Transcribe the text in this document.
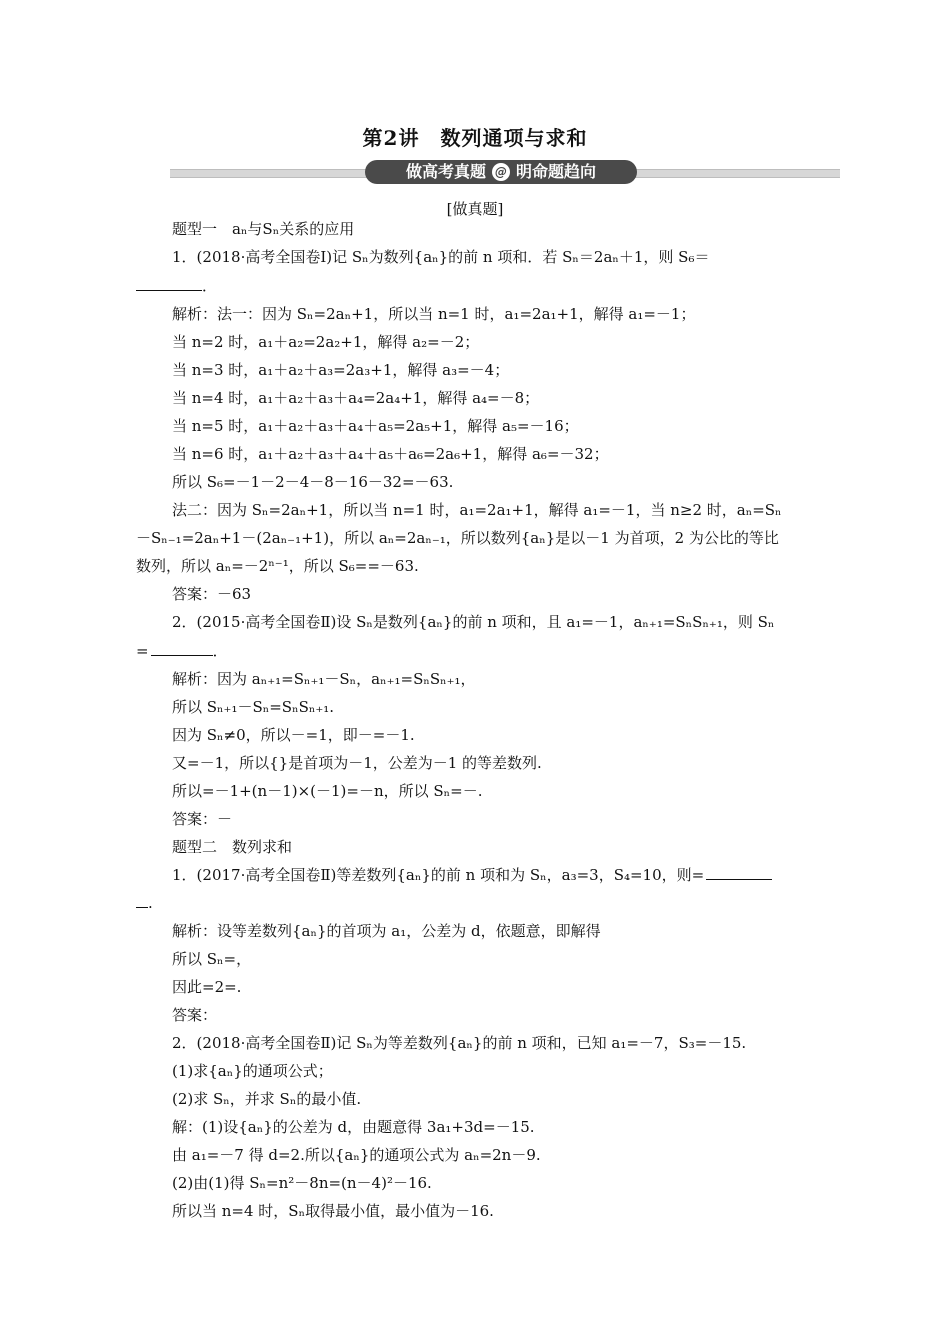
第2讲　数列通项与求和
做高考真题 @ 明命题趋向
[做真题]
题型一　aₙ与Sₙ关系的应用
1．(2018·高考全国卷Ⅰ)记 Sₙ为数列{aₙ}的前 n 项和．若 Sₙ＝2aₙ＋1，则 S₆＝
．
解析：法一：因为 Sₙ=2aₙ+1，所以当 n=1 时，a₁=2a₁+1，解得 a₁=－1；
当 n=2 时，a₁＋a₂=2a₂+1，解得 a₂=－2；
当 n=3 时，a₁＋a₂＋a₃=2a₃+1，解得 a₃=－4；
当 n=4 时，a₁＋a₂＋a₃＋a₄=2a₄+1，解得 a₄=－8；
当 n=5 时，a₁＋a₂＋a₃＋a₄＋a₅=2a₅+1，解得 a₅=－16；
当 n=6 时，a₁＋a₂＋a₃＋a₄＋a₅＋a₆=2a₆+1，解得 a₆=－32；
所以 S₆=－1－2－4－8－16－32=－63.
法二：因为 Sₙ=2aₙ+1，所以当 n=1 时，a₁=2a₁+1，解得 a₁=－1，当 n≥2 时，aₙ=Sₙ
－Sₙ₋₁=2aₙ+1－(2aₙ₋₁+1)，所以 aₙ=2aₙ₋₁，所以数列{aₙ}是以－1 为首项，2 为公比的等比
数列，所以 aₙ=－2ⁿ⁻¹，所以 S₆==－63.
答案：－63
2．(2015·高考全国卷Ⅱ)设 Sₙ是数列{aₙ}的前 n 项和，且 a₁=－1，aₙ₊₁=SₙSₙ₊₁，则 Sₙ
=	．
解析：因为 aₙ₊₁=Sₙ₊₁－Sₙ，aₙ₊₁=SₙSₙ₊₁，
所以 Sₙ₊₁－Sₙ=SₙSₙ₊₁.
因为 Sₙ≠0，所以－=1，即－=－1.
又=－1，所以{}是首项为－1，公差为－1 的等差数列.
所以=－1+(n－1)×(－1)=－n，所以 Sₙ=－.
答案：－
题型二　数列求和
1．(2017·高考全国卷Ⅱ)等差数列{aₙ}的前 n 项和为 Sₙ，a₃=3，S₄=10，则=
.
解析：设等差数列{aₙ}的首项为 a₁，公差为 d，依题意，即解得
所以 Sₙ=，
因此=2=.
答案：
2．(2018·高考全国卷Ⅱ)记 Sₙ为等差数列{aₙ}的前 n 项和，已知 a₁=－7，S₃=－15.
(1)求{aₙ}的通项公式；
(2)求 Sₙ，并求 Sₙ的最小值.
解：(1)设{aₙ}的公差为 d，由题意得 3a₁+3d=－15.
由 a₁=－7 得 d=2.所以{aₙ}的通项公式为 aₙ=2n－9.
(2)由(1)得 Sₙ=n²－8n=(n－4)²－16.
所以当 n=4 时，Sₙ取得最小值，最小值为－16.
